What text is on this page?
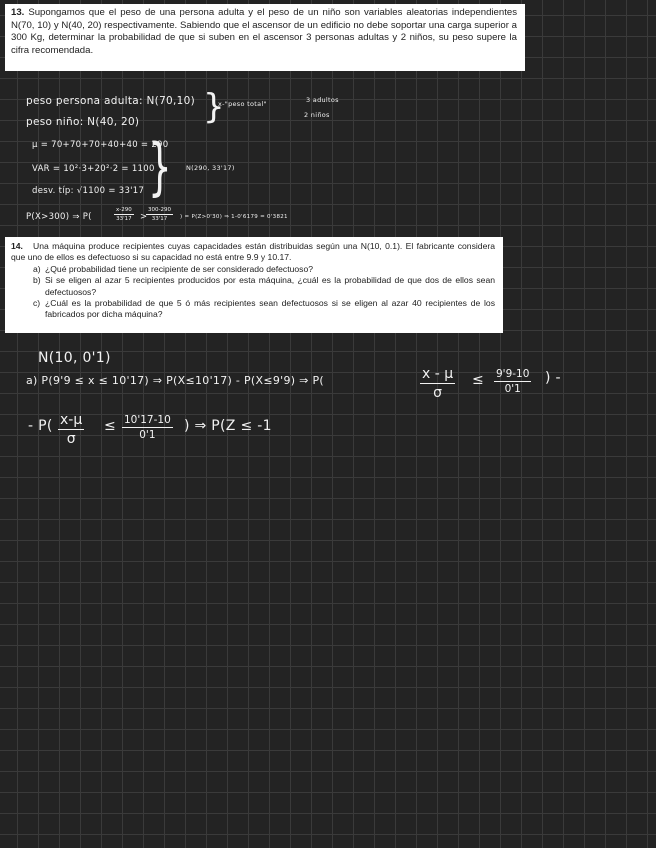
13. Supongamos que el peso de una persona adulta y el peso de un niño son variables aleatorias independientes N(70, 10) y N(40, 20) respectivamente. Sabiendo que el ascensor de un edificio no debe soportar una carga superior a 300 Kg, determinar la probabilidad de que si suben en el ascensor 3 personas adultas y 2 niños, su peso supere la cifra recomendada.
peso persona adulta: N(70,10)
peso niño: N(40, 20) }
x-"peso total"	3 adultos
2 niños
μ = 70+70+70+40+40 = 290
VAR = 10²·3+20²·2 = 1100
desv. típ: √1100 = 33'17 } N(290, 33'17)
P(X>300) ⇒ P(	$\frac{x-290}{33'17}$ >
$\frac{300-290}{33'17}$ ) = P(Z>0'30) ⇒ 1-0'6179 = 0'3821
14. Una máquina produce recipientes cuyas capacidades están distribuidas según una N(10, 0.1). El fabricante considera que uno de ellos es defectuoso si su capacidad no está entre 9.9 y 10.17.
a) ¿Qué probabilidad tiene un recipiente de ser considerado defectuoso?
b) Si se eligen al azar 5 recipientes producidos por esta máquina, ¿cuál es la probabilidad de que dos de ellos sean defectuosos?
c) ¿Cuál es la probabilidad de que 5 ó más recipientes sean defectuosos si se eligen al azar 40 recipientes de los fabricados por dicha máquina?
N(10, 0'1)
a) P(9'9 ≤ x ≤ 10'17) ⇒ P(X≤10'17) - P(X≤9'9) ⇒ P(	$\frac{x - \mu}{\sigma} \le \frac{9'9-10}{0'1}$ ) -
- $P( \frac{x-\mu}{\sigma} \le \frac{10'17-10}{0'1}$ ) ⇒ P(Z ≤ -1
